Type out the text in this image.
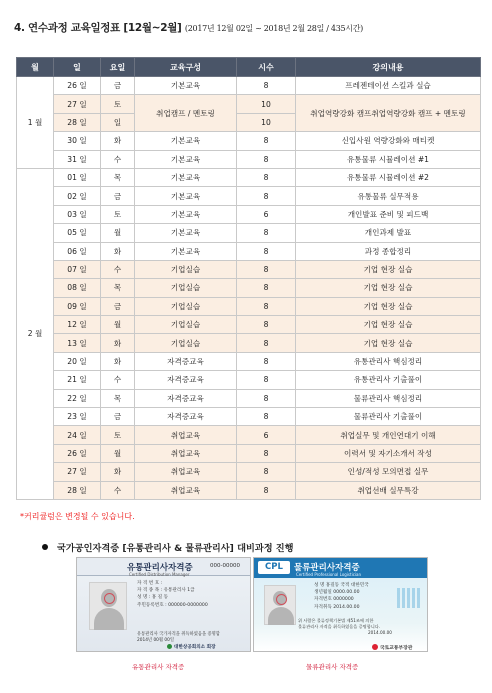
4. 연수과정 교육일정표 [12월~2월] (2017년 12월 02일 ~ 2018년 2월 28일 / 435시간)
월	일	요일	교육구성	시수	강의내용
1 월	26 일	금	기본교육	8	프레젠테이션 스킬과 실습
	27 일	토	취업캠프 / 멘토링	10	취업역량강화 캠프취업역량강화 캠프 + 멘토링
	28 일	일		10	
	30 일	화	기본교육	8	신입사원 역량강화와 매티켓
	31 일	수	기본교육	8	유통물류 시뮬레이션 #1
2 월	01 일	목	기본교육	8	유통물류 시뮬레이션 #2
	02 일	금	기본교육	8	유통물류 실무적용
	03 일	토	기본교육	6	개인발표 준비 및 피드백
	05 일	월	기본교육	8	개인과제 발표
	06 일	화	기본교육	8	과정 종합정리
	07 일	수	기업실습	8	기업 현장 실습
	08 일	목	기업실습	8	기업 현장 실습
	09 일	금	기업실습	8	기업 현장 실습
	12 일	월	기업실습	8	기업 현장 실습
	13 일	화	기업실습	8	기업 현장 실습
	20 일	화	자격증교육	8	유통관리사 핵심정리
	21 일	수	자격증교육	8	유통관리사 기출풀이
	22 일	목	자격증교육	8	물류관리사 핵심정리
	23 일	금	자격증교육	8	물류관리사 기출풀이
	24 일	토	취업교육	6	취업실무 및 개인연대기 이해
	26 일	월	취업교육	8	이력서 및 자기소개서 작성
	27 일	화	취업교육	8	인성/적성 모의면접 실무
	28 일	수	취업교육	8	취업선배 실무특강
*커리큘럼은 변경될 수 있습니다.
국가공인자격증 [유통관리사 & 물류관리사] 대비과정 진행
유통관리사자격증	000-00000
Certified Distribution Manager
자 격 번 호 :
자 격 종 목 : 유통관리사 1급
성 명 : 홍 길 동
주민등록번호 : 000000-0000000
유통관리사 국가자격을 취득하였음을 증명함
2014년 00월 00일
대한상공회의소 회장
CPL	물류관리사자격증
Certified Professional Logistician
성 명 홍길동 국적 대한민국
생년월일 0000.00.00
자격번호 0000000
자격취득 2014.00.00
위 사람은 물류정책기본법 제51조에 의한
물류관리사 자격을 취득하였음을 증명합니다.
2014.00.00
국토교통부장관
유통관리사 자격증	물류관리사 자격증
